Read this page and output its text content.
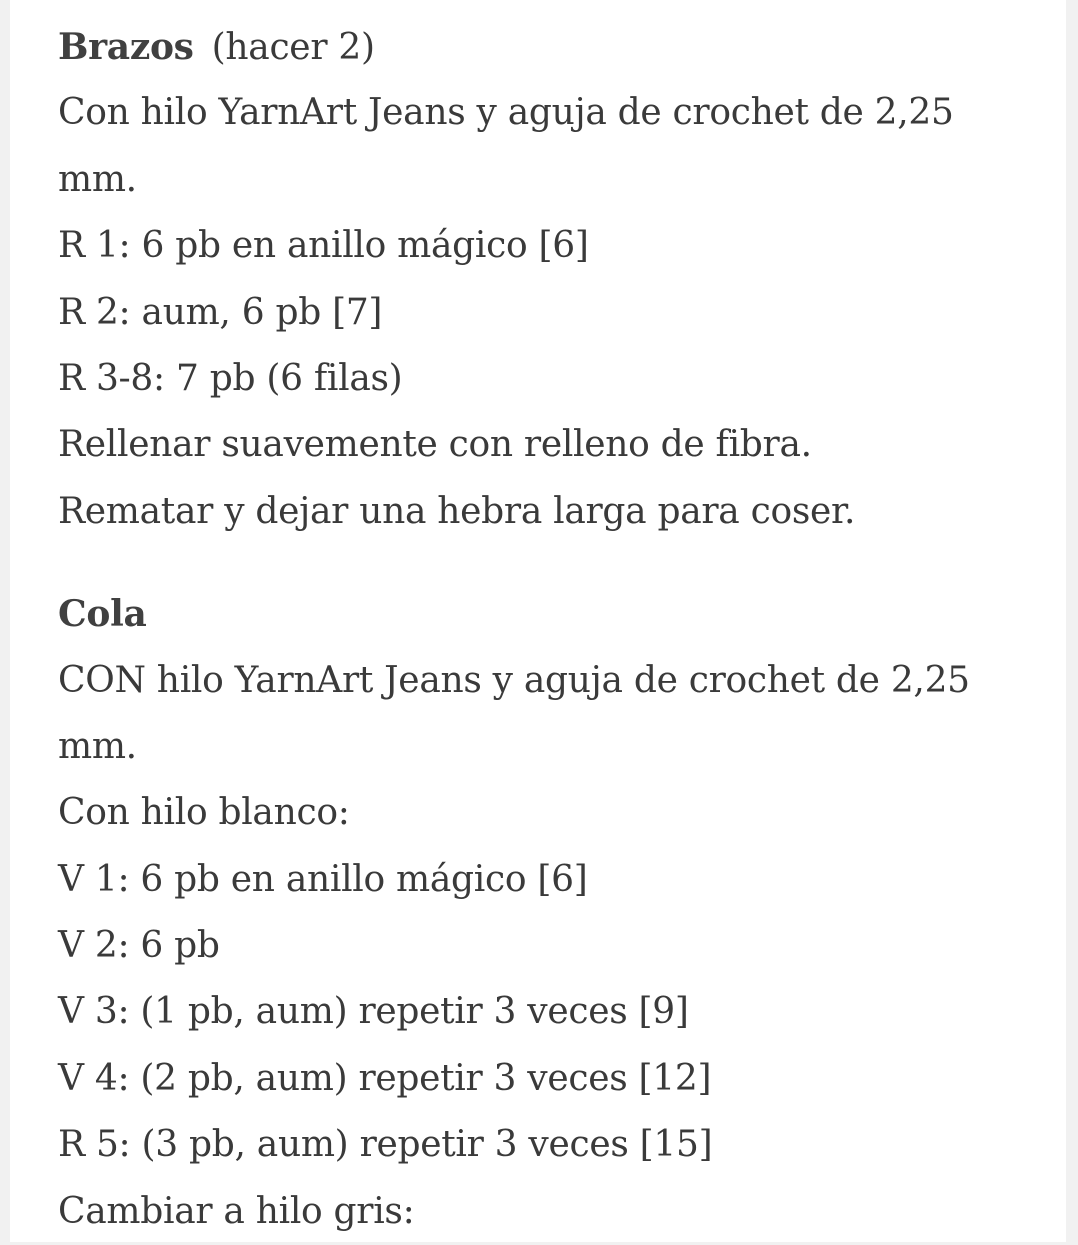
Brazos (hacer 2)

Con hilo YarnArt Jeans y aguja de crochet de 2,25

mm.

R 1: 6 pb en anillo mágico [6]

R 2: aum, 6 pb [7]

R 3-8: 7 pb (6 filas)

Rellenar suavemente con relleno de fibra.

Rematar y dejar una hebra larga para coser.

Cola

CON hilo YarnArt Jeans y aguja de crochet de 2,25

mm.

Con hilo blanco:

V 1: 6 pb en anillo mágico [6]

V 2: 6 pb

V 3: (1 pb, aum) repetir 3 veces [9]

V 4: (2 pb, aum) repetir 3 veces [12]

R 5: (3 pb, aum) repetir 3 veces [15]

Cambiar a hilo gris:
